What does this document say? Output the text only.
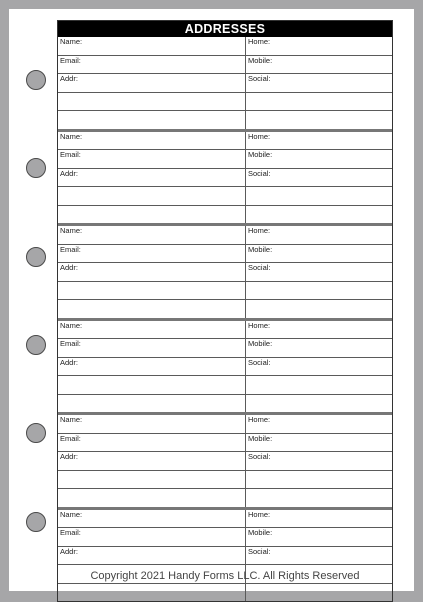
ADDRESSES
Name:	Home:
Email:	Mobile:
Addr:	Social:
Name:	Home:
Email:	Mobile:
Addr:	Social:
Name:	Home:
Email:	Mobile:
Addr:	Social:
Name:	Home:
Email:	Mobile:
Addr:	Social:
Name:	Home:
Email:	Mobile:
Addr:	Social:
Name:	Home:
Email:	Mobile:
Addr:	Social:
Copyright 2021 Handy Forms LLC. All Rights Reserved
